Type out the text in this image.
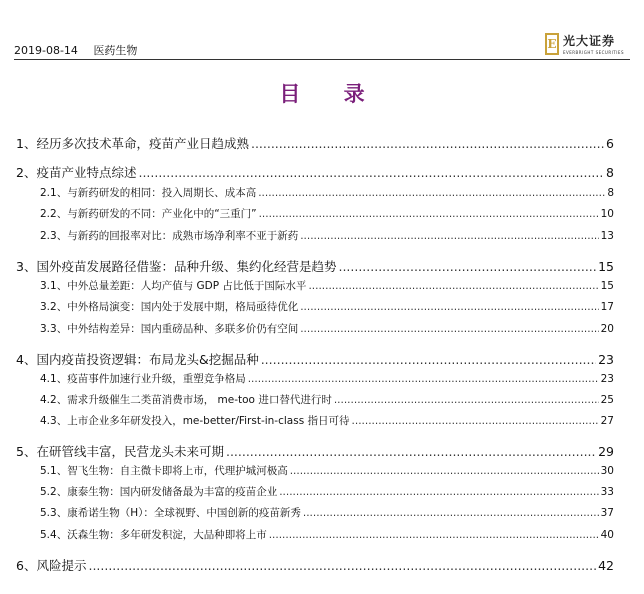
2019-08-14 医药生物	E 光大证券
EVERBRIGHT SECURITIES
目 录
1、 经历多次技术革命，疫苗产业日趋成熟 .....	6
2、 疫苗产业特点综述 .....	8
2.1、 与新药研发的相同：投入周期长、成本高 .....	8
2.2、 与新药研发的不同：产业化中的“三重门” .....	10
2.3、 与新药的回报率对比：成熟市场净利率不亚于新药 .....	13
3、 国外疫苗发展路径借鉴：品种升级、集约化经营是趋势 .....	15
3.1、 中外总量差距：人均产值与 GDP 占比低于国际水平 .....	15
3.2、 中外格局演变：国内处于发展中期，格局亟待优化 .....	17
3.3、 中外结构差异：国内重磅品种、多联多价仍有空间 .....	20
4、 国内疫苗投资逻辑：布局龙头&挖掘品种 .....	23
4.1、 疫苗事件加速行业升级，重塑竞争格局 .....	23
4.2、 需求升级催生二类苗消费市场， me-too 进口替代进行时 .....	25
4.3、 上市企业多年研发投入，me-better/First-in-class 指日可待 .....	27
5、 在研管线丰富，民营龙头未来可期 .....	29
5.1、 智飞生物：自主微卡即将上市，代理护城河极高 .....	30
5.2、 康泰生物：国内研发储备最为丰富的疫苗企业 .....	33
5.3、 康希诺生物（H）：全球视野、中国创新的疫苗新秀 .....	37
5.4、 沃森生物：多年研发积淀，大品种即将上市 .....	40
6、 风险提示 .....	42
